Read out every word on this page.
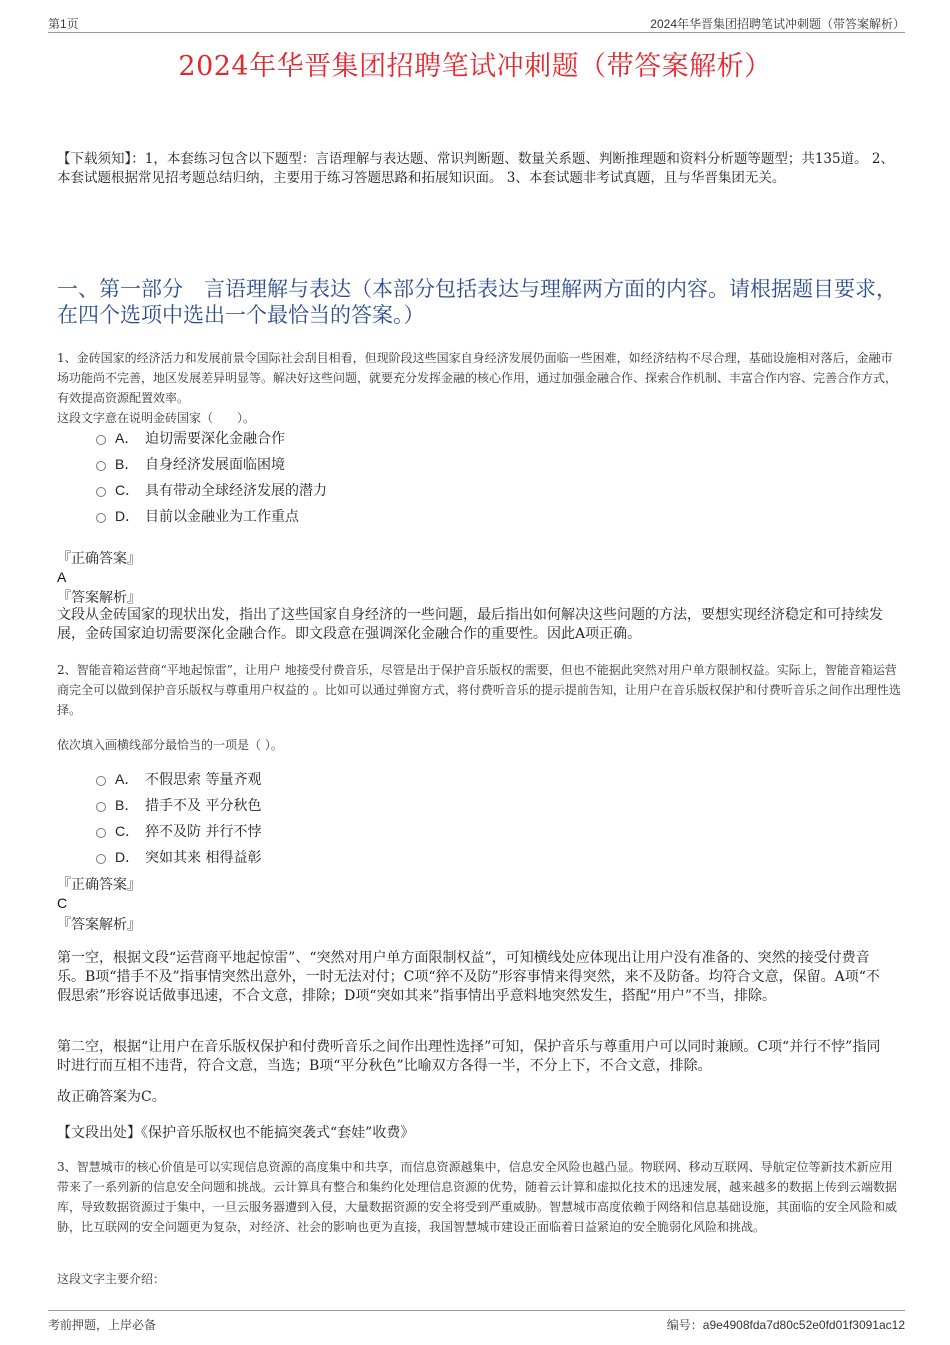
第1页	2024年华晋集团招聘笔试冲刺题（带答案解析）
2024年华晋集团招聘笔试冲刺题（带答案解析）
【下载须知】：1，本套练习包含以下题型：言语理解与表达题、常识判断题、数量关系题、判断推理题和资料分析题等题型；共135道。 2、本套试题根据常见招考题总结归纳，主要用于练习答题思路和拓展知识面。 3、本套试题非考试真题，且与华晋集团无关。
一、第一部分　言语理解与表达（本部分包括表达与理解两方面的内容。请根据题目要求，在四个选项中选出一个最恰当的答案。）
1、金砖国家的经济活力和发展前景令国际社会刮目相看，但现阶段这些国家自身经济发展仍面临一些困难，如经济结构不尽合理，基础设施相对落后，金融市场功能尚不完善，地区发展差异明显等。解决好这些问题，就要充分发挥金融的核心作用，通过加强金融合作、探索合作机制、丰富合作内容、完善合作方式，有效提高资源配置效率。
这段文字意在说明金砖国家（　　）。
A． 迫切需要深化金融合作
B． 自身经济发展面临困境
C． 具有带动全球经济发展的潜力
D． 目前以金融业为工作重点
『正确答案』
A
『答案解析』
文段从金砖国家的现状出发，指出了这些国家自身经济的一些问题，最后指出如何解决这些问题的方法，要想实现经济稳定和可持续发展，金砖国家迫切需要深化金融合作。即文段意在强调深化金融合作的重要性。因此A项正确。
2、智能音箱运营商“平地起惊雷”，让用户 地接受付费音乐，尽管是出于保护音乐版权的需要，但也不能据此突然对用户单方限制权益。实际上，智能音箱运营商完全可以做到保护音乐版权与尊重用户权益的 。比如可以通过弹窗方式，将付费听音乐的提示提前告知，让用户在音乐版权保护和付费听音乐之间作出理性选择。
依次填入画横线部分最恰当的一项是（ ）。
A． 不假思索 等量齐观
B． 措手不及 平分秋色
C． 猝不及防 并行不悖
D． 突如其来 相得益彰
『正确答案』
C
『答案解析』
第一空，根据文段“运营商平地起惊雷”、“突然对用户单方面限制权益”，可知横线处应体现出让用户没有准备的、突然的接受付费音乐。B项“措手不及”指事情突然出意外，一时无法对付；C项“猝不及防”形容事情来得突然，来不及防备。均符合文意，保留。A项“不假思索”形容说话做事迅速，不合文意，排除；D项“突如其来”指事情出乎意料地突然发生，搭配“用户”不当，排除。
第二空，根据“让用户在音乐版权保护和付费听音乐之间作出理性选择”可知，保护音乐与尊重用户可以同时兼顾。C项“并行不悖”指同时进行而互相不违背，符合文意，当选；B项“平分秋色”比喻双方各得一半，不分上下，不合文意，排除。
故正确答案为C。
【文段出处】《保护音乐版权也不能搞突袭式“套娃”收费》
3、智慧城市的核心价值是可以实现信息资源的高度集中和共享，而信息资源越集中，信息安全风险也越凸显。物联网、移动互联网、导航定位等新技术新应用带来了一系列新的信息安全问题和挑战。云计算具有整合和集约化处理信息资源的优势，随着云计算和虚拟化技术的迅速发展，越来越多的数据上传到云端数据库，导致数据资源过于集中，一旦云服务器遭到入侵，大量数据资源的安全将受到严重威胁。智慧城市高度依赖于网络和信息基础设施，其面临的安全风险和威胁，比互联网的安全问题更为复杂，对经济、社会的影响也更为直接，我国智慧城市建设正面临着日益紧迫的安全脆弱化风险和挑战。
这段文字主要介绍：
考前押题，上岸必备	编号：a9e4908fda7d80c52e0fd01f3091ac12
